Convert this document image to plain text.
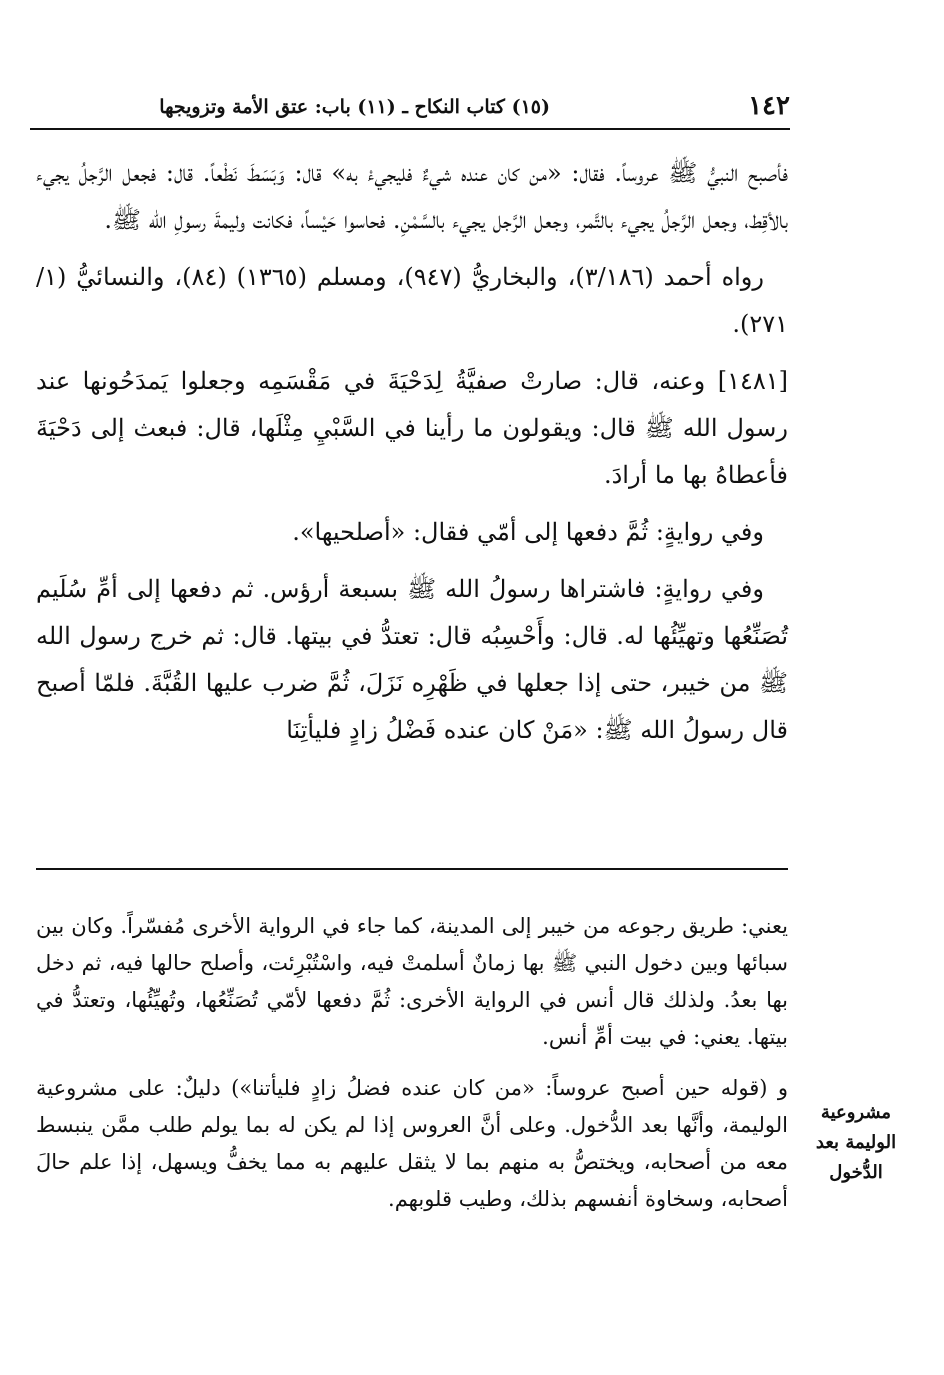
١٤٢
(١٥) كتاب النكاح ـ (١١) باب: عتق الأمة وتزويجها

فأصبح النبيُّ ﷺ عروساً. فقال: «من كان عنده شيءٌ فليجيءْ به» قال: وَبَسَطَ نَطْعاً. قال: فجعل الرَّجلُ يجيء بالأقِط، وجعل الرَّجلُ يجيء بالتَّمر، وجعل الرَّجل يجيء بالسَّمْنِ. فحاسوا حَيْساً، فكانت وليمةَ رسولِ الله ﷺ.

رواه أحمد (٣/١٨٦)، والبخاريُّ (٩٤٧)، ومسلم (١٣٦٥) (٨٤)، والنسائيُّ (١/ ٢٧١).

[١٤٨١] وعنه، قال: صارتْ صفيَّةُ لِدَحْيَةَ في مَقْسَمِه وجعلوا يَمدَحُونها عند رسول الله ﷺ قال: ويقولون ما رأينا في السَّبْيِ مِثْلَها، قال: فبعث إلى دَحْيَةَ فأعطاهُ بها ما أرادَ.

وفي روايةٍ: ثُمَّ دفعها إلى أمّي فقال: «أصلحيها».

وفي روايةٍ: فاشتراها رسولُ الله ﷺ بسبعة أرؤس. ثم دفعها إلى أمِّ سُلَيم تُصَنِّعُها وتهيِّئُها له. قال: وأَحْسِبُه قال: تعتدُّ في بيتها. قال: ثم خرج رسول الله ﷺ من خيبر، حتى إذا جعلها في ظَهْرِه نَزَلَ، ثُمَّ ضرب عليها القُبَّةَ. فلمّا أصبح قال رسولُ الله ﷺ: «مَنْ كان عنده فَضْلُ زادٍ فليأتِنَا

يعني: طريق رجوعه من خيبر إلى المدينة، كما جاء في الرواية الأخرى مُفسّراً. وكان بين سبائها وبين دخول النبي ﷺ بها زمانٌ أسلمتْ فيه، واسْتُبْرِئت، وأصلح حالها فيه، ثم دخل بها بعدُ. ولذلك قال أنس في الرواية الأخرى: ثُمَّ دفعها لأمّي تُصَنِّعُها، وتُهيِّئُها، وتعتدُّ في بيتها. يعني: في بيت أمِّ أنس.

و (قوله حين أصبح عروساً: «من كان عنده فضلُ زادٍ فليأتنا») دليلٌ: على مشروعية الوليمة، وأنَّها بعد الدُّخول. وعلى أنَّ العروس إذا لم يكن له بما يولم طلب ممَّن ينبسط معه من أصحابه، ويختصُّ به منهم بما لا يثقل عليهم به مما يخفُّ ويسهل، إذا علم حالَ أصحابه، وسخاوة أنفسهم بذلك، وطيب قلوبهم.

مشروعية
الوليمة بعد
الدُّخول
